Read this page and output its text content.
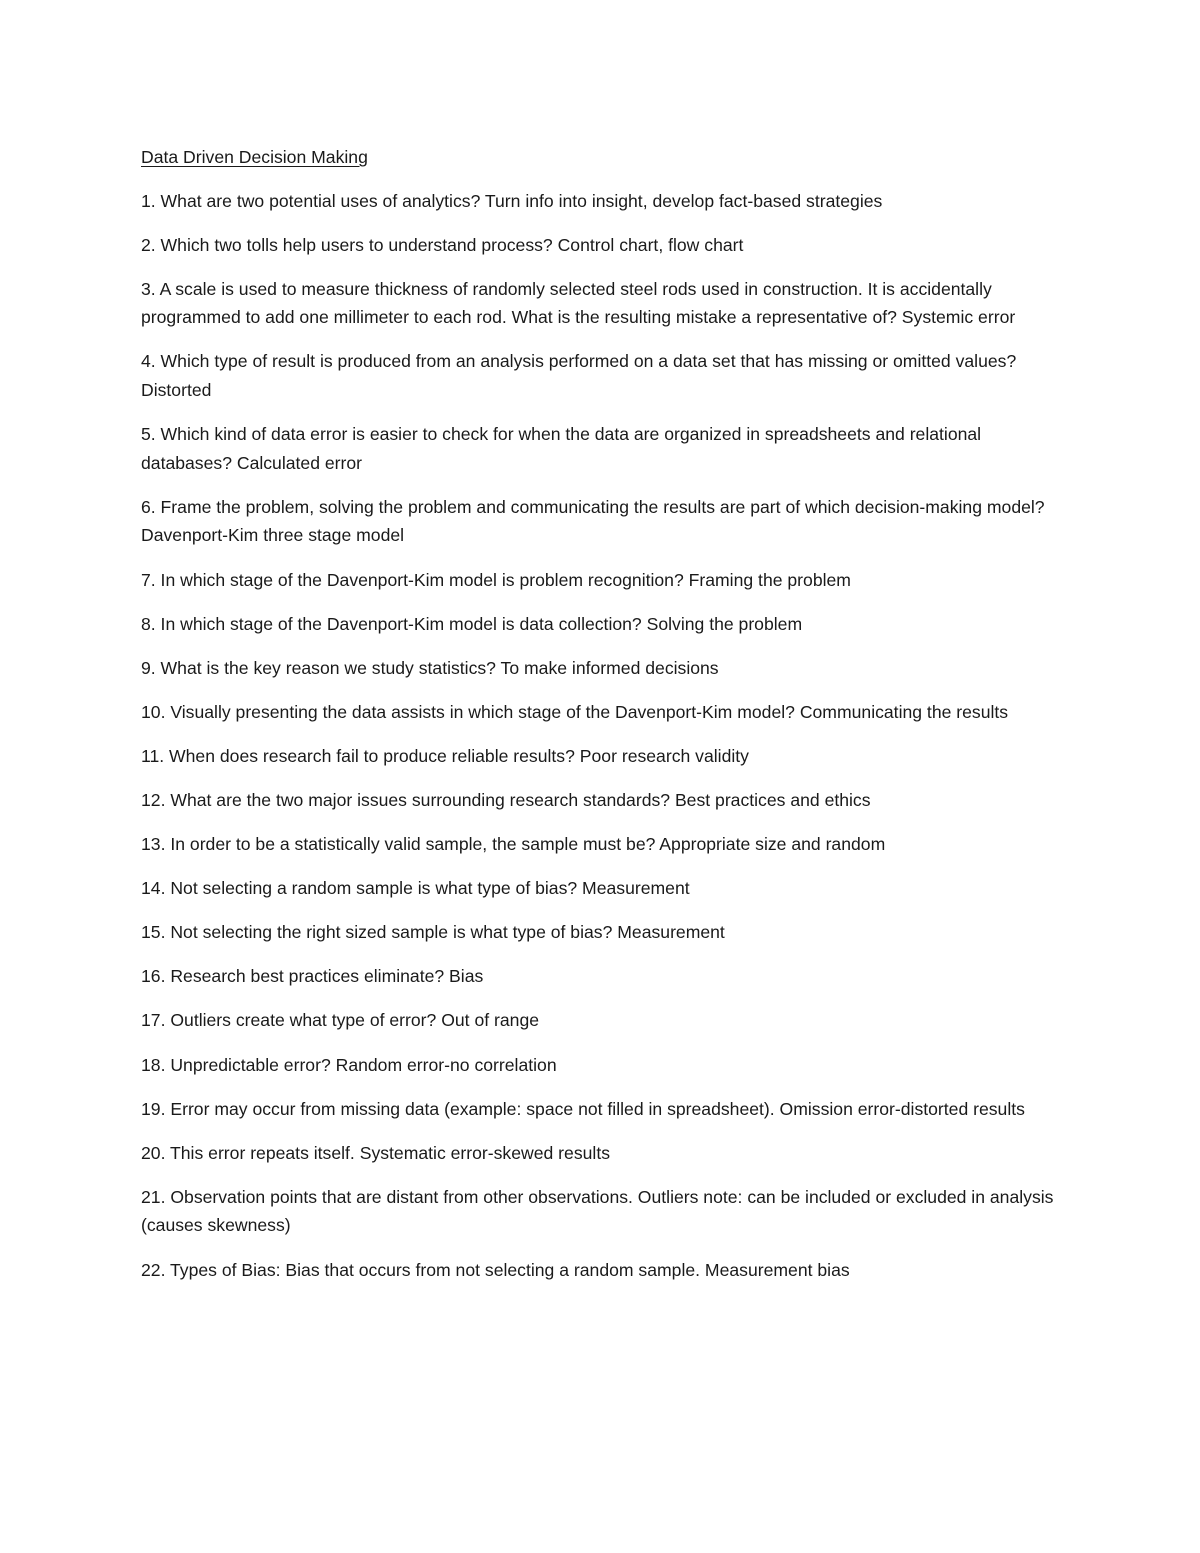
Data Driven Decision Making

1. What are two potential uses of analytics? Turn info into insight, develop fact-based strategies
2. Which two tolls help users to understand process? Control chart, flow chart
3. A scale is used to measure thickness of randomly selected steel rods used in construction. It is accidentally programmed to add one millimeter to each rod. What is the resulting mistake a representative of? Systemic error
4. Which type of result is produced from an analysis performed on a data set that has missing or omitted values? Distorted
5. Which kind of data error is easier to check for when the data are organized in spreadsheets and relational databases? Calculated error
6. Frame the problem, solving the problem and communicating the results are part of which decision-making model? Davenport-Kim three stage model
7. In which stage of the Davenport-Kim model is problem recognition? Framing the problem
8. In which stage of the Davenport-Kim model is data collection? Solving the problem
9. What is the key reason we study statistics? To make informed decisions
10. Visually presenting the data assists in which stage of the Davenport-Kim model? Communicating the results
11. When does research fail to produce reliable results? Poor research validity
12. What are the two major issues surrounding research standards? Best practices and ethics
13. In order to be a statistically valid sample, the sample must be? Appropriate size and random
14. Not selecting a random sample is what type of bias? Measurement
15. Not selecting the right sized sample is what type of bias? Measurement
16. Research best practices eliminate? Bias
17. Outliers create what type of error? Out of range
18. Unpredictable error? Random error-no correlation
19. Error may occur from missing data (example: space not filled in spreadsheet). Omission error-distorted results
20. This error repeats itself. Systematic error-skewed results
21. Observation points that are distant from other observations. Outliers note: can be included or excluded in analysis (causes skewness)
22. Types of Bias: Bias that occurs from not selecting a random sample. Measurement bias
